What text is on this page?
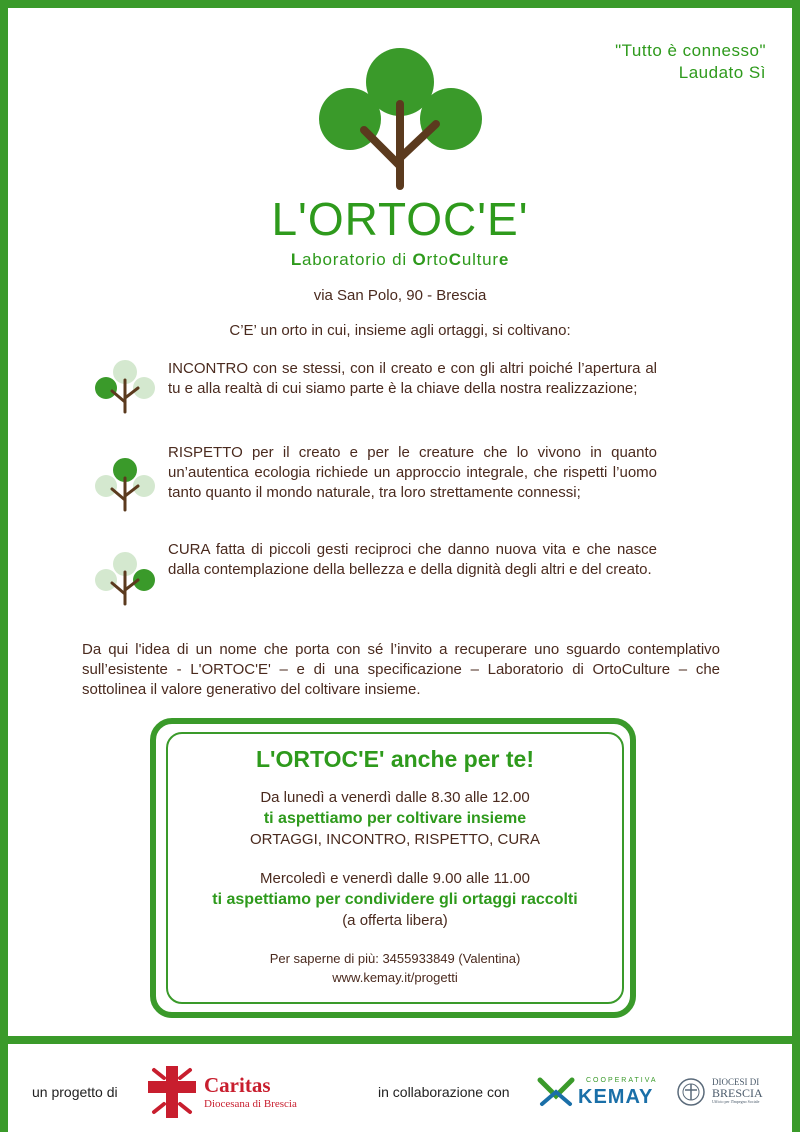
"Tutto è connesso"
Laudato Sì
L'ORTOC'E'
Laboratorio di OrtoCulture
via San Polo, 90 - Brescia
C’E’ un orto in cui, insieme agli ortaggi, si coltivano:
INCONTRO con se stessi, con il creato e con gli altri poiché l’apertura al tu e alla realtà di cui siamo parte è la chiave della nostra realizzazione;
RISPETTO per il creato e per le creature che lo vivono in quanto un’autentica ecologia richiede un approccio integrale, che rispetti l’uomo tanto quanto il mondo naturale, tra loro strettamente connessi;
CURA fatta di piccoli gesti reciproci che danno nuova vita e che nasce dalla contemplazione della bellezza e della dignità degli altri e del creato.
Da qui l'idea di un nome che porta con sé l’invito a recuperare uno sguardo contemplativo sull’esistente - L'ORTOC'E' – e di una specificazione – Laboratorio di OrtoCulture – che sottolinea il valore generativo del coltivare insieme.
L'ORTOC'E' anche per te!
Da lunedì a venerdì dalle 8.30 alle 12.00
ti aspettiamo per coltivare insieme
ORTAGGI, INCONTRO, RISPETTO, CURA
Mercoledì e venerdì dalle 9.00 alle 11.00
ti aspettiamo per condividere gli ortaggi raccolti
(a offerta libera)
Per saperne di più: 3455933849 (Valentina)
www.kemay.it/progetti
un progetto di	Caritas
Diocesana di Brescia
in collaborazione con
COOPERATIVA
KEMAY
DIOCESI DI
BRESCIA
Ufficio per l'Impegno Sociale
